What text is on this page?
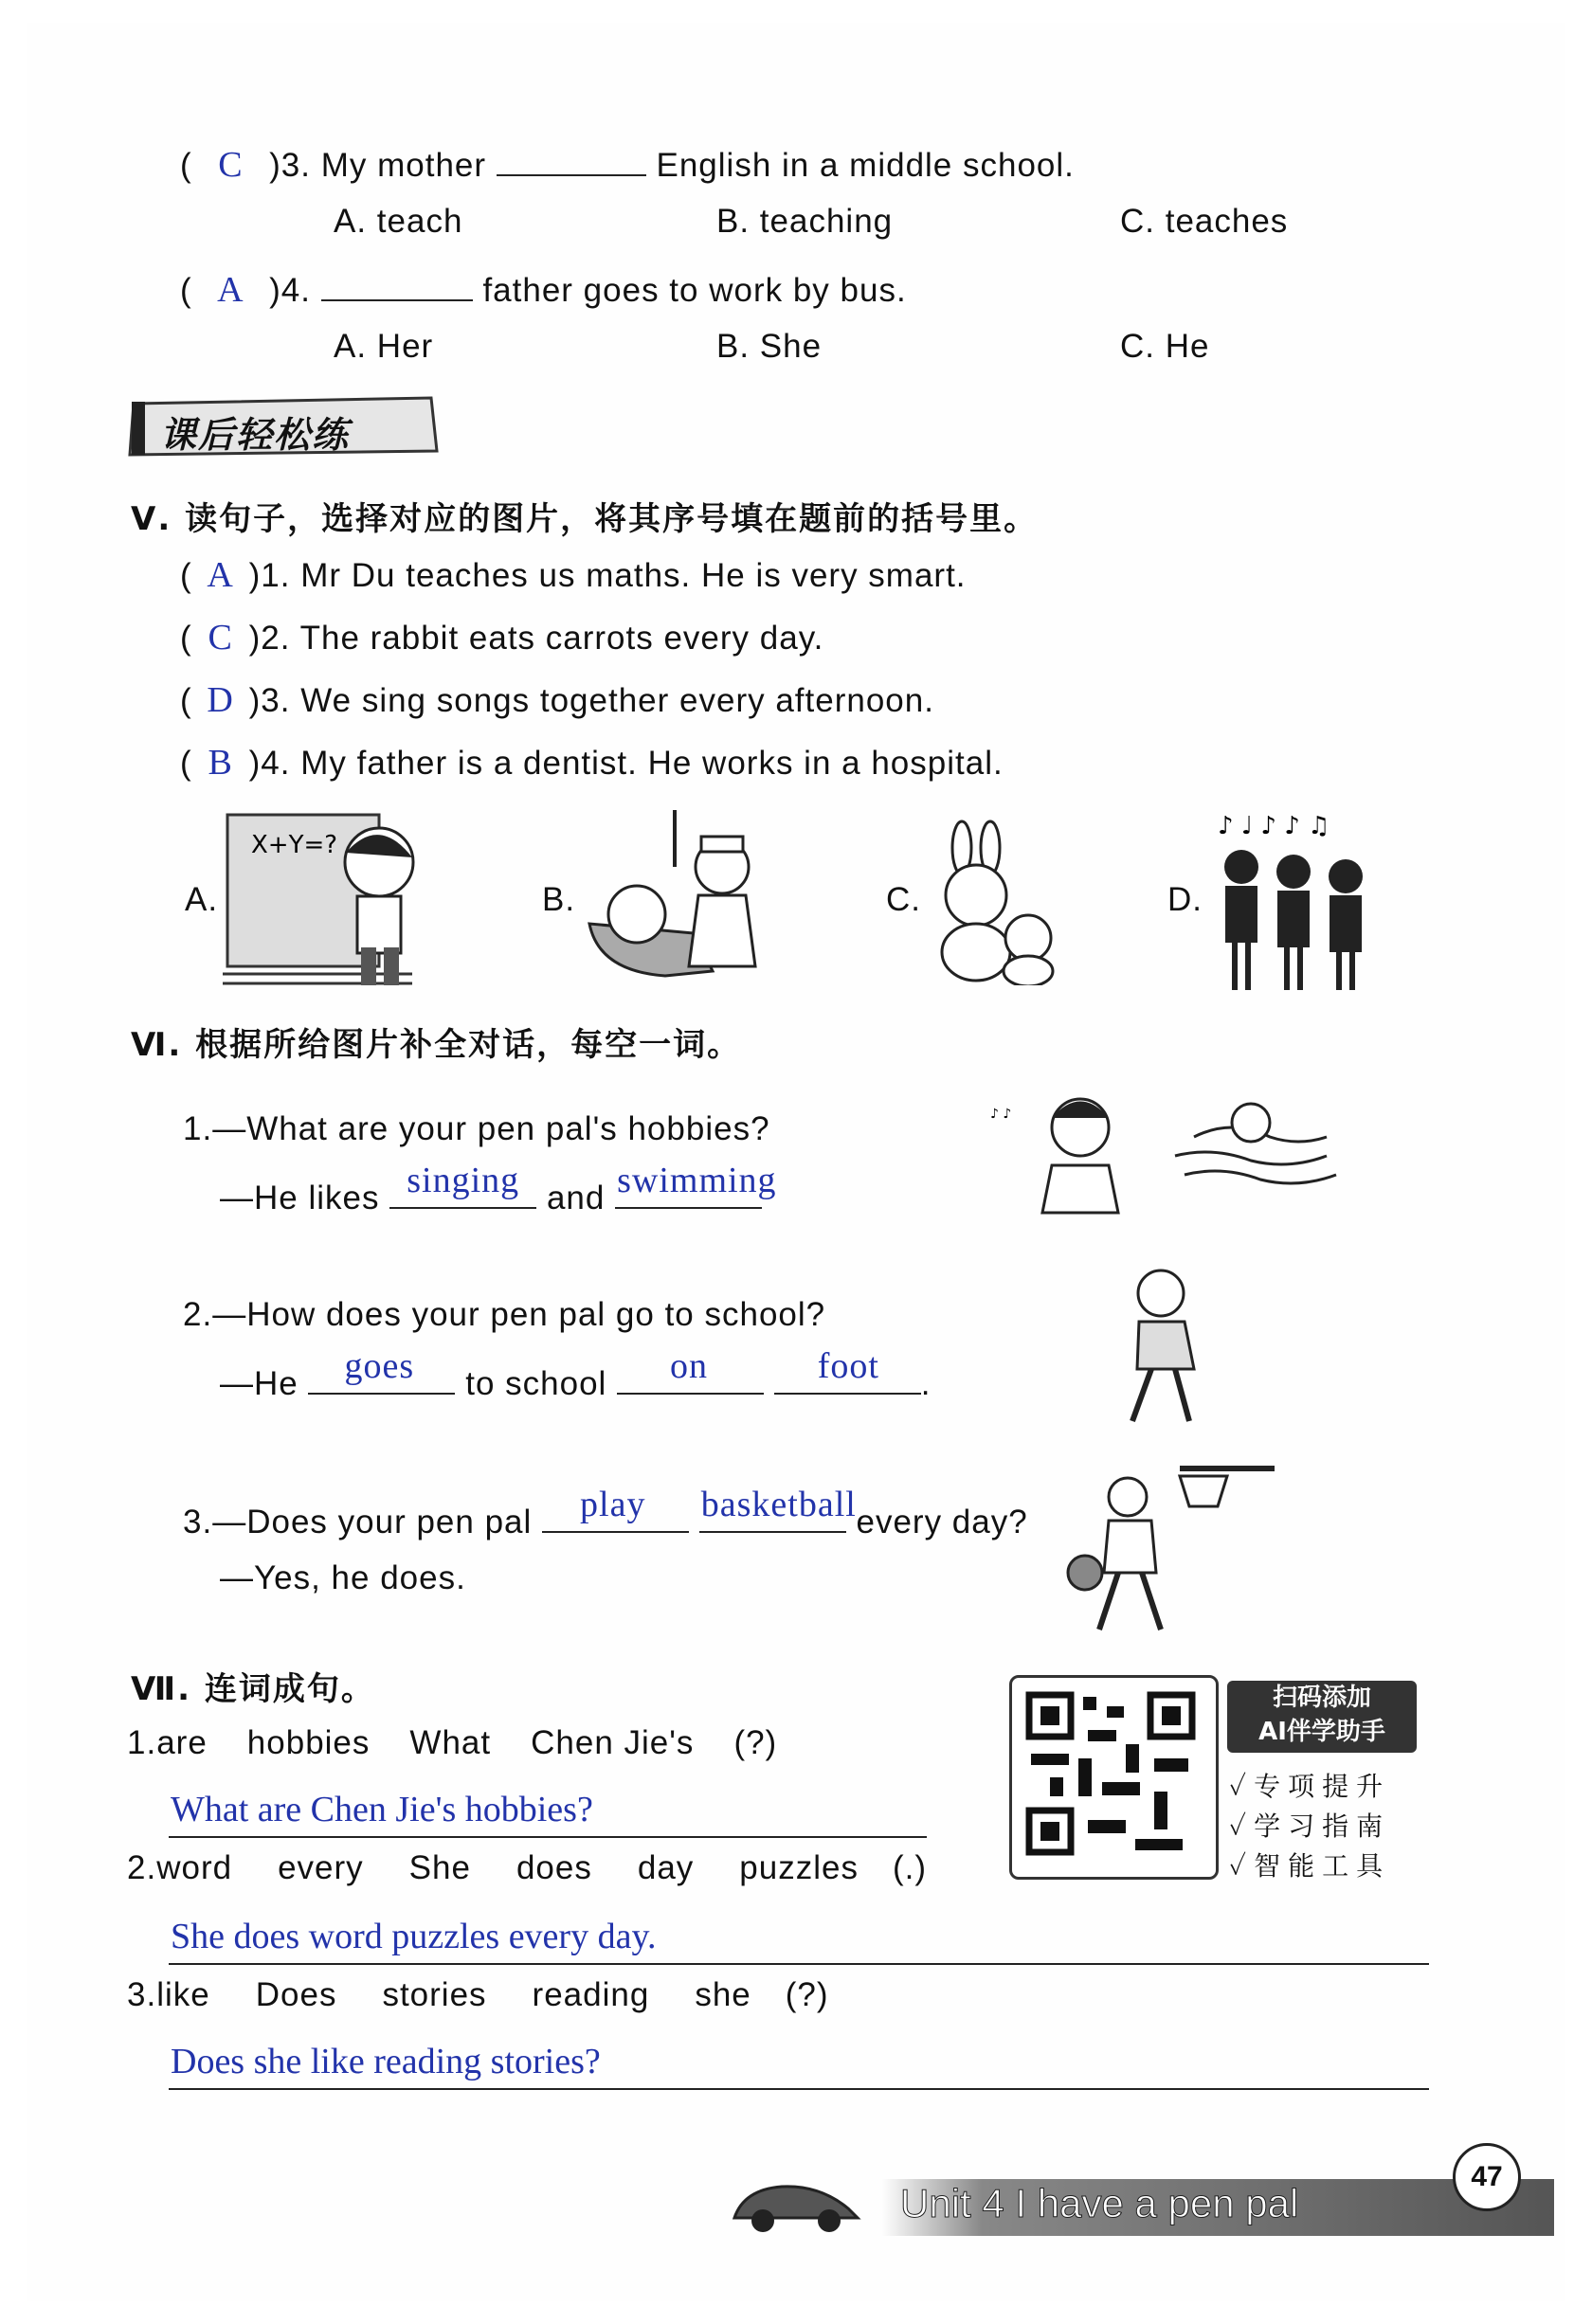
( C )3. My mother	English in a middle school.
A. teach	B. teaching	C. teaches
( A )4.	father goes to work by bus.
A. Her	B. She	C. He
课后轻松练
Ⅴ. 读句子，选择对应的图片，将其序号填在题前的括号里。
( A )1. Mr Du teaches us maths. He is very smart.
( C )2. The rabbit eats carrots every day.
( D )3. We sing songs together every afternoon.
( B )4. My father is a dentist. He works in a hospital.
A.
X+Y=?
B.	C.	D.
♪ ♩ ♪ ♪ ♫
Ⅵ. 根据所给图片补全对话，每空一词。
1.—What are your pen pal's hobbies?
—He likes singing and swimming
♪ ♪
2.—How does your pen pal go to school?
—He goes to school on
	foot .
3.—Does your pen pal play
basketball every day?
—Yes, he does.
Ⅶ. 连词成句。
1.are hobbies What Chen Jie's (?)
What are Chen Jie's hobbies?
2.word every She does day puzzles (.)
She does word puzzles every day.
3.like Does stories reading she (?)
Does she like reading stories?
扫码添加
AI伴学助手
✓专项提升
✓学习指南
✓智能工具
Unit 4 I have a pen pal
47
